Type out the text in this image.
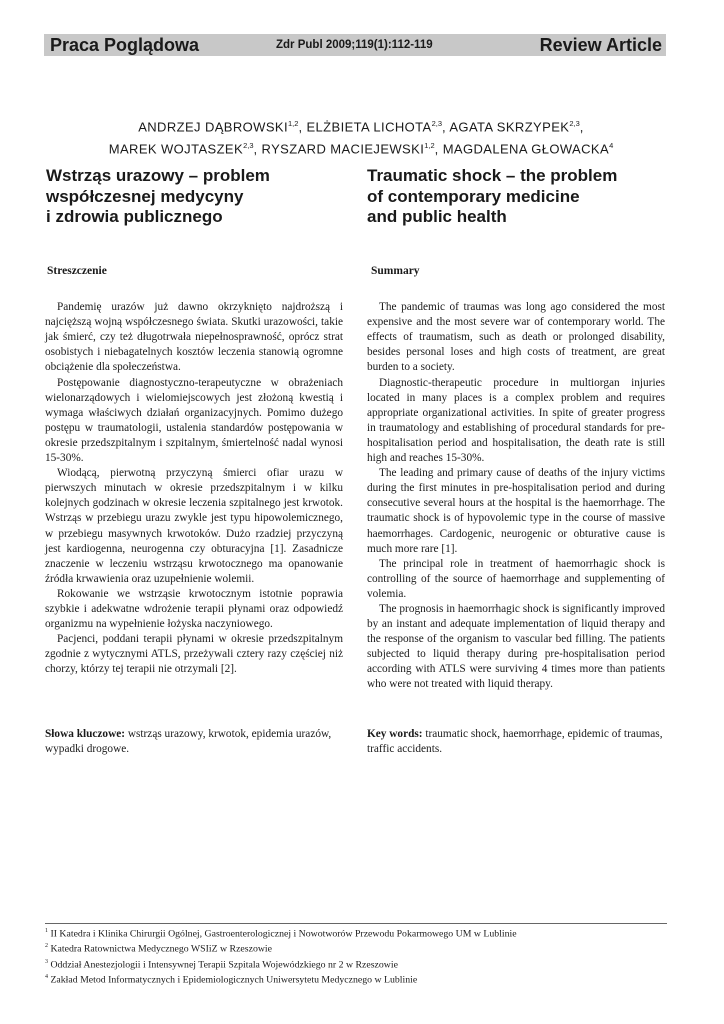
Praca Poglądowa	Zdr Publ 2009;119(1):112-119	Review Article
ANDRZEJ DĄBROWSKI$^{1,2}$, ELŻBIETA LICHOTA$^{2,3}$, AGATA SKRZYPEK$^{2,3}$,
MAREK WOJTASZEK$^{2,3}$, RYSZARD MACIEJEWSKI$^{1,2}$, MAGDALENA GŁOWACKA$^4$
Wstrząs urazowy – problem
współczesnej medycyny
i zdrowia publicznego
Traumatic shock – the problem
of contemporary medicine
and public health

Streszczenie

Pandemię urazów już dawno okrzyknięto najdroższą i najcięższą wojną współczesnego świata. Skutki urazowości, takie jak śmierć, czy też długotrwała niepełnosprawność, oprócz strat osobistych i niebagatelnych kosztów leczenia stanowią ogromne obciążenie dla społeczeństwa.

Postępowanie diagnostyczno-terapeutyczne w obrażeniach wielonarządowych i wielomiejscowych jest złożoną kwestią i wymaga właściwych działań organizacyjnych. Pomimo dużego postępu w traumatologii, ustalenia standardów postępowania w okresie przedszpitalnym i szpitalnym, śmiertelność nadal wynosi 15-30%.

Wiodącą, pierwotną przyczyną śmierci ofiar urazu w pierwszych minutach w okresie przedszpitalnym i w kilku kolejnych godzinach w okresie leczenia szpitalnego jest krwotok. Wstrząs w przebiegu urazu zwykle jest typu hipowolemicznego, w przebiegu masywnych krwotoków. Dużo rzadziej przyczyną jest kardiogenna, neurogenna czy obturacyjna [1]. Zasadnicze znaczenie w leczeniu wstrząsu krwotocznego ma opanowanie źródła krwawienia oraz uzupełnienie wolemii.

Rokowanie we wstrząsie krwotocznym istotnie poprawia szybkie i adekwatne wdrożenie terapii płynami oraz odpowiedź organizmu na wypełnienie łożyska naczyniowego.

Pacjenci, poddani terapii płynami w okresie przedszpitalnym zgodnie z wytycznymi ATLS, przeżywali cztery razy częściej niż chorzy, którzy tej terapii nie otrzymali [2].

Summary

The pandemic of traumas was long ago considered the most expensive and the most severe war of contemporary world. The effects of traumatism, such as death or prolonged disability, besides personal loses and high costs of treatment, are great burden to a society.

Diagnostic-therapeutic procedure in multiorgan injuries located in many places is a complex problem and requires appropriate organizational activities. In spite of greater progress in traumatology and establishing of procedural standards for pre-hospitalisation period and hospitalisation, the death rate is still high and reaches 15-30%.

The leading and primary cause of deaths of the injury victims during the first minutes in pre-hospitalisation period and during consecutive several hours at the hospital is the haemorrhage. The traumatic shock is of hypovolemic type in the course of massive haemorrhages. Cardogenic, neurogenic or obturative cause is much more rare [1].

The principal role in treatment of haemorrhagic shock is controlling of the source of haemorrhage and supplementing of volemia.

The prognosis in haemorrhagic shock is significantly improved by an instant and adequate implementation of liquid therapy and the response of the organism to vascular bed filling. The patients subjected to liquid therapy during pre-hospitalisation period according with ATLS were surviving 4 times more than patients who were not treated with liquid therapy.

Słowa kluczowe: wstrząs urazowy, krwotok, epidemia urazów, wypadki drogowe.
Key words: traumatic shock, haemorrhage, epidemic of traumas, traffic accidents.
$^1$ II Katedra i Klinika Chirurgii Ogólnej, Gastroenterologicznej i Nowotworów Przewodu Pokarmowego UM w Lublinie
$^2$ Katedra Ratownictwa Medycznego WSIiZ w Rzeszowie
$^3$ Oddział Anestezjologii i Intensywnej Terapii Szpitala Wojewódzkiego nr 2 w Rzeszowie
$^4$ Zakład Metod Informatycznych i Epidemiologicznych Uniwersytetu Medycznego w Lublinie
